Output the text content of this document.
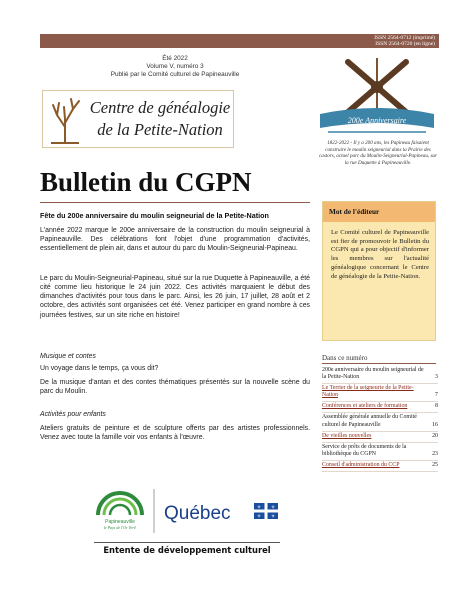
ISSN 2564-0712 (imprimé)
ISSN 2564-0720 (en ligne)
Été 2022
Volume V, numéro 3
Publié par le Comité culturel de Papineauville
Centre de généalogie
de la Petite-Nation	200e Anniversaire
1822-2022 - Il y a 200 ans, les Papineau faisaient construire le moulin seigneurial dans la Prairie des castors, actuel parc du Moulin-Seigneurial-Papineau, sur la rue Duquette à Papineauville.
Bulletin du CGPN
Fête du 200e anniversaire du moulin seigneurial de la Petite-Nation
L'année 2022 marque le 200e anniversaire de la construction du moulin seigneurial à Papineauville. Des célébrations font l'objet d'une programmation d'activités, essentiellement de plein air, dans et autour du parc du Moulin-Seigneurial-Papineau.
Le parc du Moulin-Seigneurial-Papineau, situé sur la rue Duquette à Papineauville, a été cité comme lieu historique le 24 juin 2022. Ces activités marquaient le début des dimanches d'activités pour tous dans le parc. Ainsi, les 26 juin, 17 juillet, 28 août et 2 octobre, des activités sont organisées cet été. Venez participer en grand nombre à ces journées festives, sur un site riche en histoire!
Musique et contes
Un voyage dans le temps, ça vous dit?
De la musique d'antan et des contes thématiques présentés sur la nouvelle scène du parc du Moulin.
Activités pour enfants
Ateliers gratuits de peinture et de sculpture offerts par des artistes professionnels. Venez avec toute la famille voir vos enfants à l'œuvre.
Mot de l'éditeur
Le Comité culturel de Papineauville est fier de promouvoir le Bulletin du CGPN qui a pour objectif d'informer les membres sur l'actualité généalogique concernant le Centre de généalogie de la Petite-Nation.
Dans ce numéro
200e anniversaire du moulin seigneurial de la Petite-Nation	3
Le Terrier de la seigneurie de la Petite-Nation	7
Conférences et ateliers de formation	8
Assemblée générale annuelle du Comité culturel de Papineauville	16
De vieilles nouvelles	20
Service de prêts de documents de la bibliothèque du CGPN	23
Conseil d'administration du CCP	25
Papineauville
le Pays de l'Or Vert!
Québec	⚜ ⚜
⚜ ⚜
Entente de développement culturel
